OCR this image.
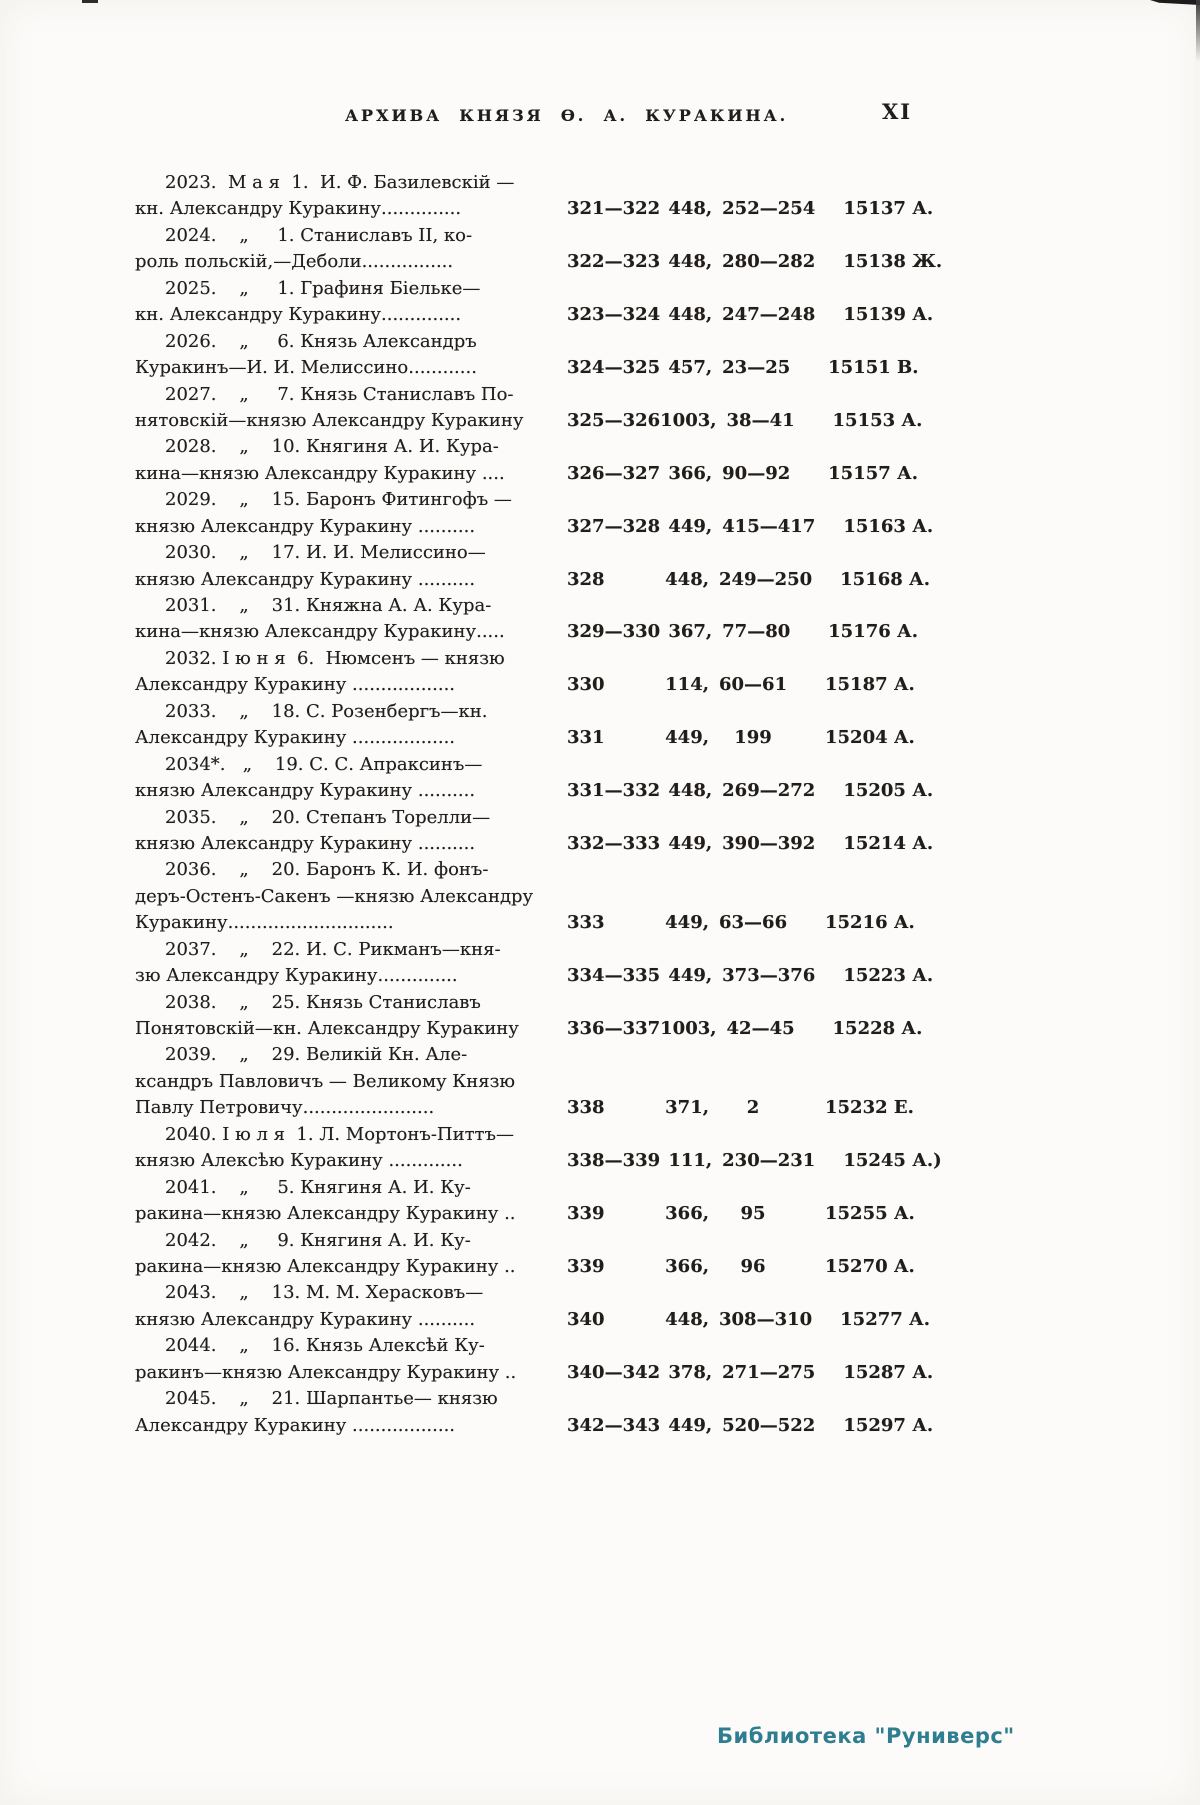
АРХИВА  КНЯЗЯ  Ѳ.  А.  КУРАКИНА.	XI
2023.  М а я  1.  И. Ф. Базилевскій —
кн. Александру Куракину..............	321—322 448, 252—254 15137 А.
2024.    „     1. Станиславъ II, ко-
роль польскій,—Деболи................	322—323 448, 280—282 15138 Ж.
2025.    „     1. Графиня Біельке—
кн. Александру Куракину..............	323—324 448, 247—248 15139 А.
2026.    „     6. Князь Александръ
Куракинъ—И. И. Мелиссино............	324—325 457, 23—25	15151 В.
2027.    „     7. Князь Станиславъ По-
нятовскій—князю Александру Куракину	325—326 1003, 38—41	15153 А.
2028.    „    10. Княгиня А. И. Кура-
кина—князю Александру Куракину ....	326—327 366, 90—92	15157 А.
2029.    „    15. Баронъ Фитингофъ —
князю Александру Куракину ..........	327—328 449, 415—417 15163 А.
2030.    „    17. И. И. Мелиссино—
князю Александру Куракину ..........	328	448, 249—250 15168 А.
2031.    „    31. Княжна А. А. Кура-
кина—князю Александру Куракину.....	329—330 367, 77—80	15176 А.
2032. І ю н я  6.  Нюмсенъ — князю
Александру Куракину ..................	330	114, 60—61	15187 А.
2033.    „    18. С. Розенбергъ—кн.
Александру Куракину ..................	331	449,	199	15204 А.
2034*.   „    19. С. С. Апраксинъ—
князю Александру Куракину ..........	331—332 448, 269—272 15205 А.
2035.    „    20. Степанъ Торелли—
князю Александру Куракину ..........	332—333 449, 390—392 15214 А.
2036.    „    20. Баронъ К. И. фонъ-
деръ-Остенъ-Сакенъ —князю Александру
Куракину.............................	333	449, 63—66	15216 А.
2037.    „    22. И. С. Рикманъ—кня-
зю Александру Куракину..............	334—335 449, 373—376 15223 А.
2038.    „    25. Князь Станиславъ
Понятовскій—кн. Александру Куракину	336—337 1003, 42—45	15228 А.
2039.    „    29. Великій Кн. Але-
ксандръ Павловичъ — Великому Князю
Павлу Петровичу.......................	338	371,	2	15232 Е.
2040. І ю л я  1. Л. Мортонъ-Питтъ—
князю Алексѣю Куракину .............	338—339 111, 230—231 15245 А.)
2041.    „     5. Княгиня А. И. Ку-
ракина—князю Александру Куракину ..	339	366,	95	15255 А.
2042.    „     9. Княгиня А. И. Ку-
ракина—князю Александру Куракину ..	339	366,	96	15270 А.
2043.    „    13. М. М. Херасковъ—
князю Александру Куракину ..........	340	448, 308—310 15277 А.
2044.    „    16. Князь Алексѣй Ку-
ракинъ—князю Александру Куракину ..	340—342 378, 271—275 15287 А.
2045.    „    21. Шарпантье— князю
Александру Куракину ..................	342—343 449, 520—522 15297 А.
Библиотека "Руниверс"
